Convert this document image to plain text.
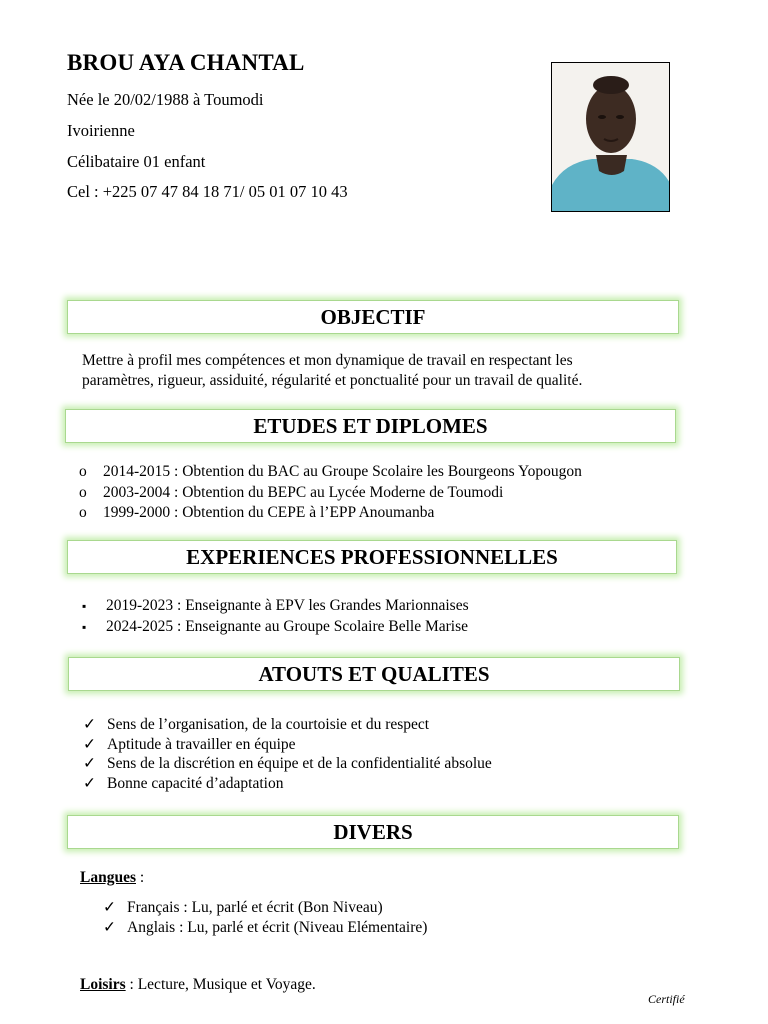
BROU AYA CHANTAL
Née le 20/02/1988 à Toumodi
Ivoirienne
Célibataire 01 enfant
Cel : +225 07 47 84 18 71/ 05 01 07 10 43
OBJECTIF
Mettre à profil mes compétences et mon dynamique de travail en respectant les
paramètres, rigueur, assiduité, régularité et ponctualité pour un travail de qualité.
ETUDES ET DIPLOMES
o 2014-2015 : Obtention du BAC au Groupe Scolaire les Bourgeons Yopougon
o 2003-2004 : Obtention du BEPC au Lycée Moderne de Toumodi
o 1999-2000 : Obtention du CEPE à l’EPP Anoumanba
EXPERIENCES PROFESSIONNELLES
▪ 2019-2023 : Enseignante à EPV les Grandes Marionnaises
▪ 2024-2025 : Enseignante au Groupe Scolaire Belle Marise
ATOUTS ET QUALITES
✓ Sens de l’organisation, de la courtoisie et du respect
✓ Aptitude à travailler en équipe
✓ Sens de la discrétion en équipe et de la confidentialité absolue
✓ Bonne capacité d’adaptation
DIVERS
Langues :
✓ Français : Lu, parlé et écrit (Bon Niveau)
✓ Anglais : Lu, parlé et écrit (Niveau Elémentaire)
Loisirs : Lecture, Musique et Voyage.
Certifié
